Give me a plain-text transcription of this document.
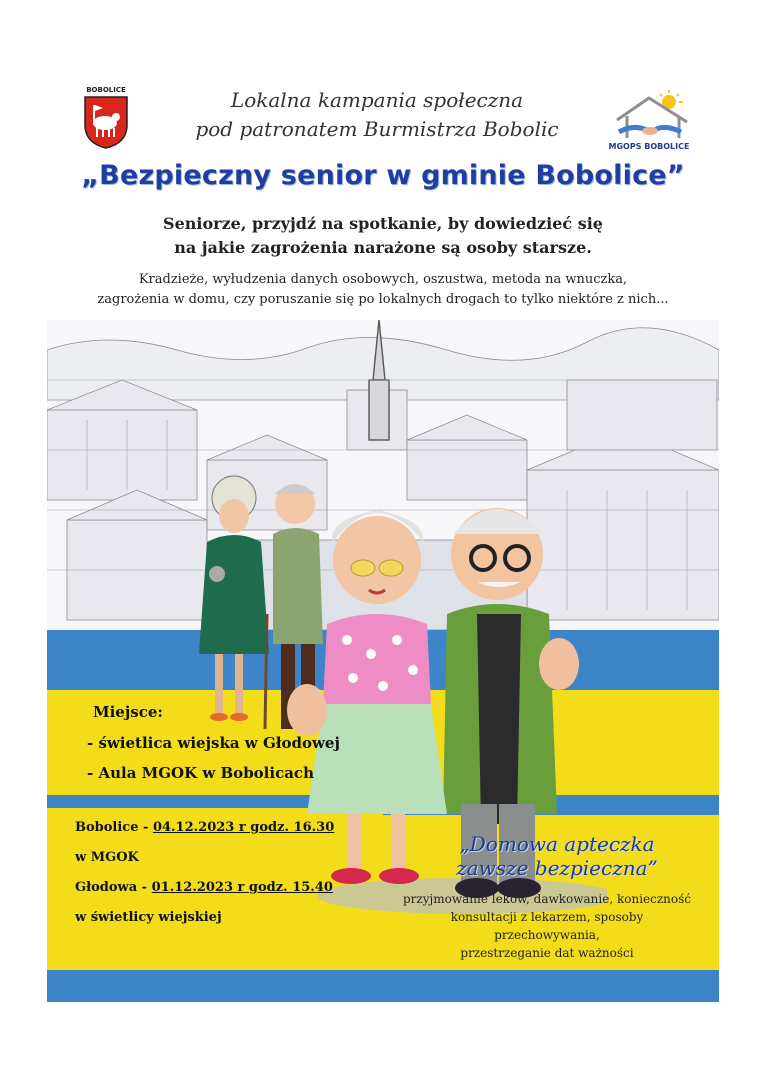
BOBOLICE	Lokalna kampania społeczna
pod patronatem Burmistrza Bobolic
MGOPS BOBOLICE
„Bezpieczny senior w gminie Bobolice”
Seniorze, przyjdź na spotkanie, by dowiedzieć się
na jakie zagrożenia narażone są osoby starsze.
Kradzieże, wyłudzenia danych osobowych, oszustwa, metoda na wnuczka,
zagrożenia w domu, czy poruszanie się po lokalnych drogach to tylko niektóre z nich...
Miejsce:
- świetlica wiejska w Głodowej
- Aula MGOK w Bobolicach
Bobolice - 04.12.2023 r godz. 16.30
w MGOK
Głodowa - 01.12.2023 r godz. 15.40
w świetlicy wiejskiej
„Domowa apteczka
zawsze bezpieczna”
przyjmowanie leków, dawkowanie, konieczność
konsultacji z lekarzem, sposoby przechowywania,
przestrzeganie dat ważności
